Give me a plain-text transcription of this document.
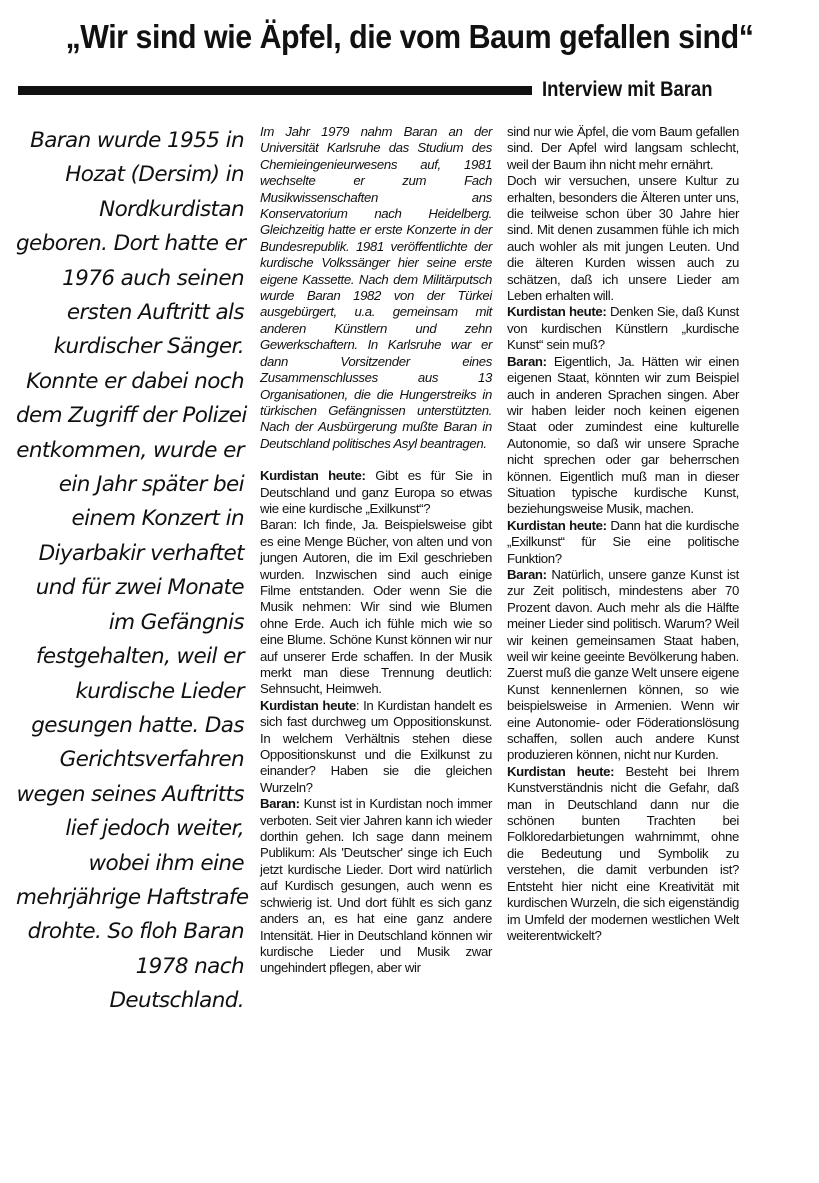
„Wir sind wie Äpfel, die vom Baum gefallen sind“
Interview mit Baran
Baran wurde 1955 in
Hozat (Dersim) in
Nordkurdistan
geboren. Dort hatte er
1976 auch seinen
ersten Auftritt als
kurdischer Sänger.
Konnte er dabei noch
dem Zugriff der Polizei
entkommen, wurde er
ein Jahr später bei
einem Konzert in
Diyarbakir verhaftet
und für zwei Monate
im Gefängnis
festgehalten, weil er
kurdische Lieder
gesungen hatte. Das
Gerichtsverfahren
wegen seines Auftritts
lief jedoch weiter,
wobei ihm eine
mehrjährige Haftstrafe
drohte. So floh Baran
1978 nach
Deutschland.

Im Jahr 1979 nahm Baran an der Universität Karlsruhe das Studium des Chemieingenieurwesens auf, 1981 wechselte er zum Fach Musikwissenschaften ans Konservatorium nach Heidelberg. Gleichzeitig hatte er erste Konzerte in der Bundesrepublik. 1981 veröffentlichte der kurdische Volkssänger hier seine erste eigene Kassette. Nach dem Militärputsch wurde Baran 1982 von der Türkei ausgebürgert, u.a. gemeinsam mit anderen Künstlern und zehn Gewerkschaftern. In Karlsruhe war er dann Vorsitzender eines Zusammenschlusses aus 13 Organisationen, die die Hungerstreiks in türkischen Gefängnissen unterstützten. Nach der Ausbürgerung mußte Baran in Deutschland politisches Asyl beantragen.

Kurdistan heute: Gibt es für Sie in Deutschland und ganz Europa so etwas wie eine kurdische „Exilkunst“?

Baran: Ich finde, Ja. Beispielsweise gibt es eine Menge Bücher, von alten und von jungen Autoren, die im Exil geschrieben wurden. Inzwischen sind auch einige Filme entstanden. Oder wenn Sie die Musik nehmen: Wir sind wie Blumen ohne Erde. Auch ich fühle mich wie so eine Blume. Schöne Kunst können wir nur auf unserer Erde schaffen. In der Musik merkt man diese Trennung deutlich: Sehnsucht, Heimweh.

Kurdistan heute: In Kurdistan handelt es sich fast durchweg um Oppositionskunst. In welchem Verhältnis stehen diese Oppositionskunst und die Exilkunst zu einander? Haben sie die gleichen Wurzeln?

Baran: Kunst ist in Kurdistan noch immer verboten. Seit vier Jahren kann ich wieder dorthin gehen. Ich sage dann meinem Publikum: Als 'Deutscher' singe ich Euch jetzt kurdische Lieder. Dort wird natürlich auf Kurdisch gesungen, auch wenn es schwierig ist. Und dort fühlt es sich ganz anders an, es hat eine ganz andere Intensität. Hier in Deutschland können wir kurdische Lieder und Musik zwar ungehindert pflegen, aber wir

sind nur wie Äpfel, die vom Baum gefallen sind. Der Apfel wird langsam schlecht, weil der Baum ihn nicht mehr ernährt.

Doch wir versuchen, unsere Kultur zu erhalten, besonders die Älteren unter uns, die teilweise schon über 30 Jahre hier sind. Mit denen zusammen fühle ich mich auch wohler als mit jungen Leuten. Und die älteren Kurden wissen auch zu schätzen, daß ich unsere Lieder am Leben erhalten will.

Kurdistan heute: Denken Sie, daß Kunst von kurdischen Künstlern „kurdische Kunst“ sein muß?

Baran: Eigentlich, Ja. Hätten wir einen eigenen Staat, könnten wir zum Beispiel auch in anderen Sprachen singen. Aber wir haben leider noch keinen eigenen Staat oder zumindest eine kulturelle Autonomie, so daß wir unsere Sprache nicht sprechen oder gar beherrschen können. Eigentlich muß man in dieser Situation typische kurdische Kunst, beziehungsweise Musik, machen.

Kurdistan heute: Dann hat die kurdische „Exilkunst“ für Sie eine politische Funktion?

Baran: Natürlich, unsere ganze Kunst ist zur Zeit politisch, mindestens aber 70 Prozent davon. Auch mehr als die Hälfte meiner Lieder sind politisch. Warum? Weil wir keinen gemeinsamen Staat haben, weil wir keine geeinte Bevölkerung haben. Zuerst muß die ganze Welt unsere eigene Kunst kennenlernen können, so wie beispielsweise in Armenien. Wenn wir eine Autonomie- oder Föderationslösung schaffen, sollen auch andere Kunst produzieren können, nicht nur Kurden.

Kurdistan heute: Besteht bei Ihrem Kunstverständnis nicht die Gefahr, daß man in Deutschland dann nur die schönen bunten Trachten bei Folkloredarbietungen wahrnimmt, ohne die Bedeutung und Symbolik zu verstehen, die damit verbunden ist? Entsteht hier nicht eine Kreativität mit kurdischen Wurzeln, die sich eigenständig im Umfeld der modernen westlichen Welt weiterentwickelt?
